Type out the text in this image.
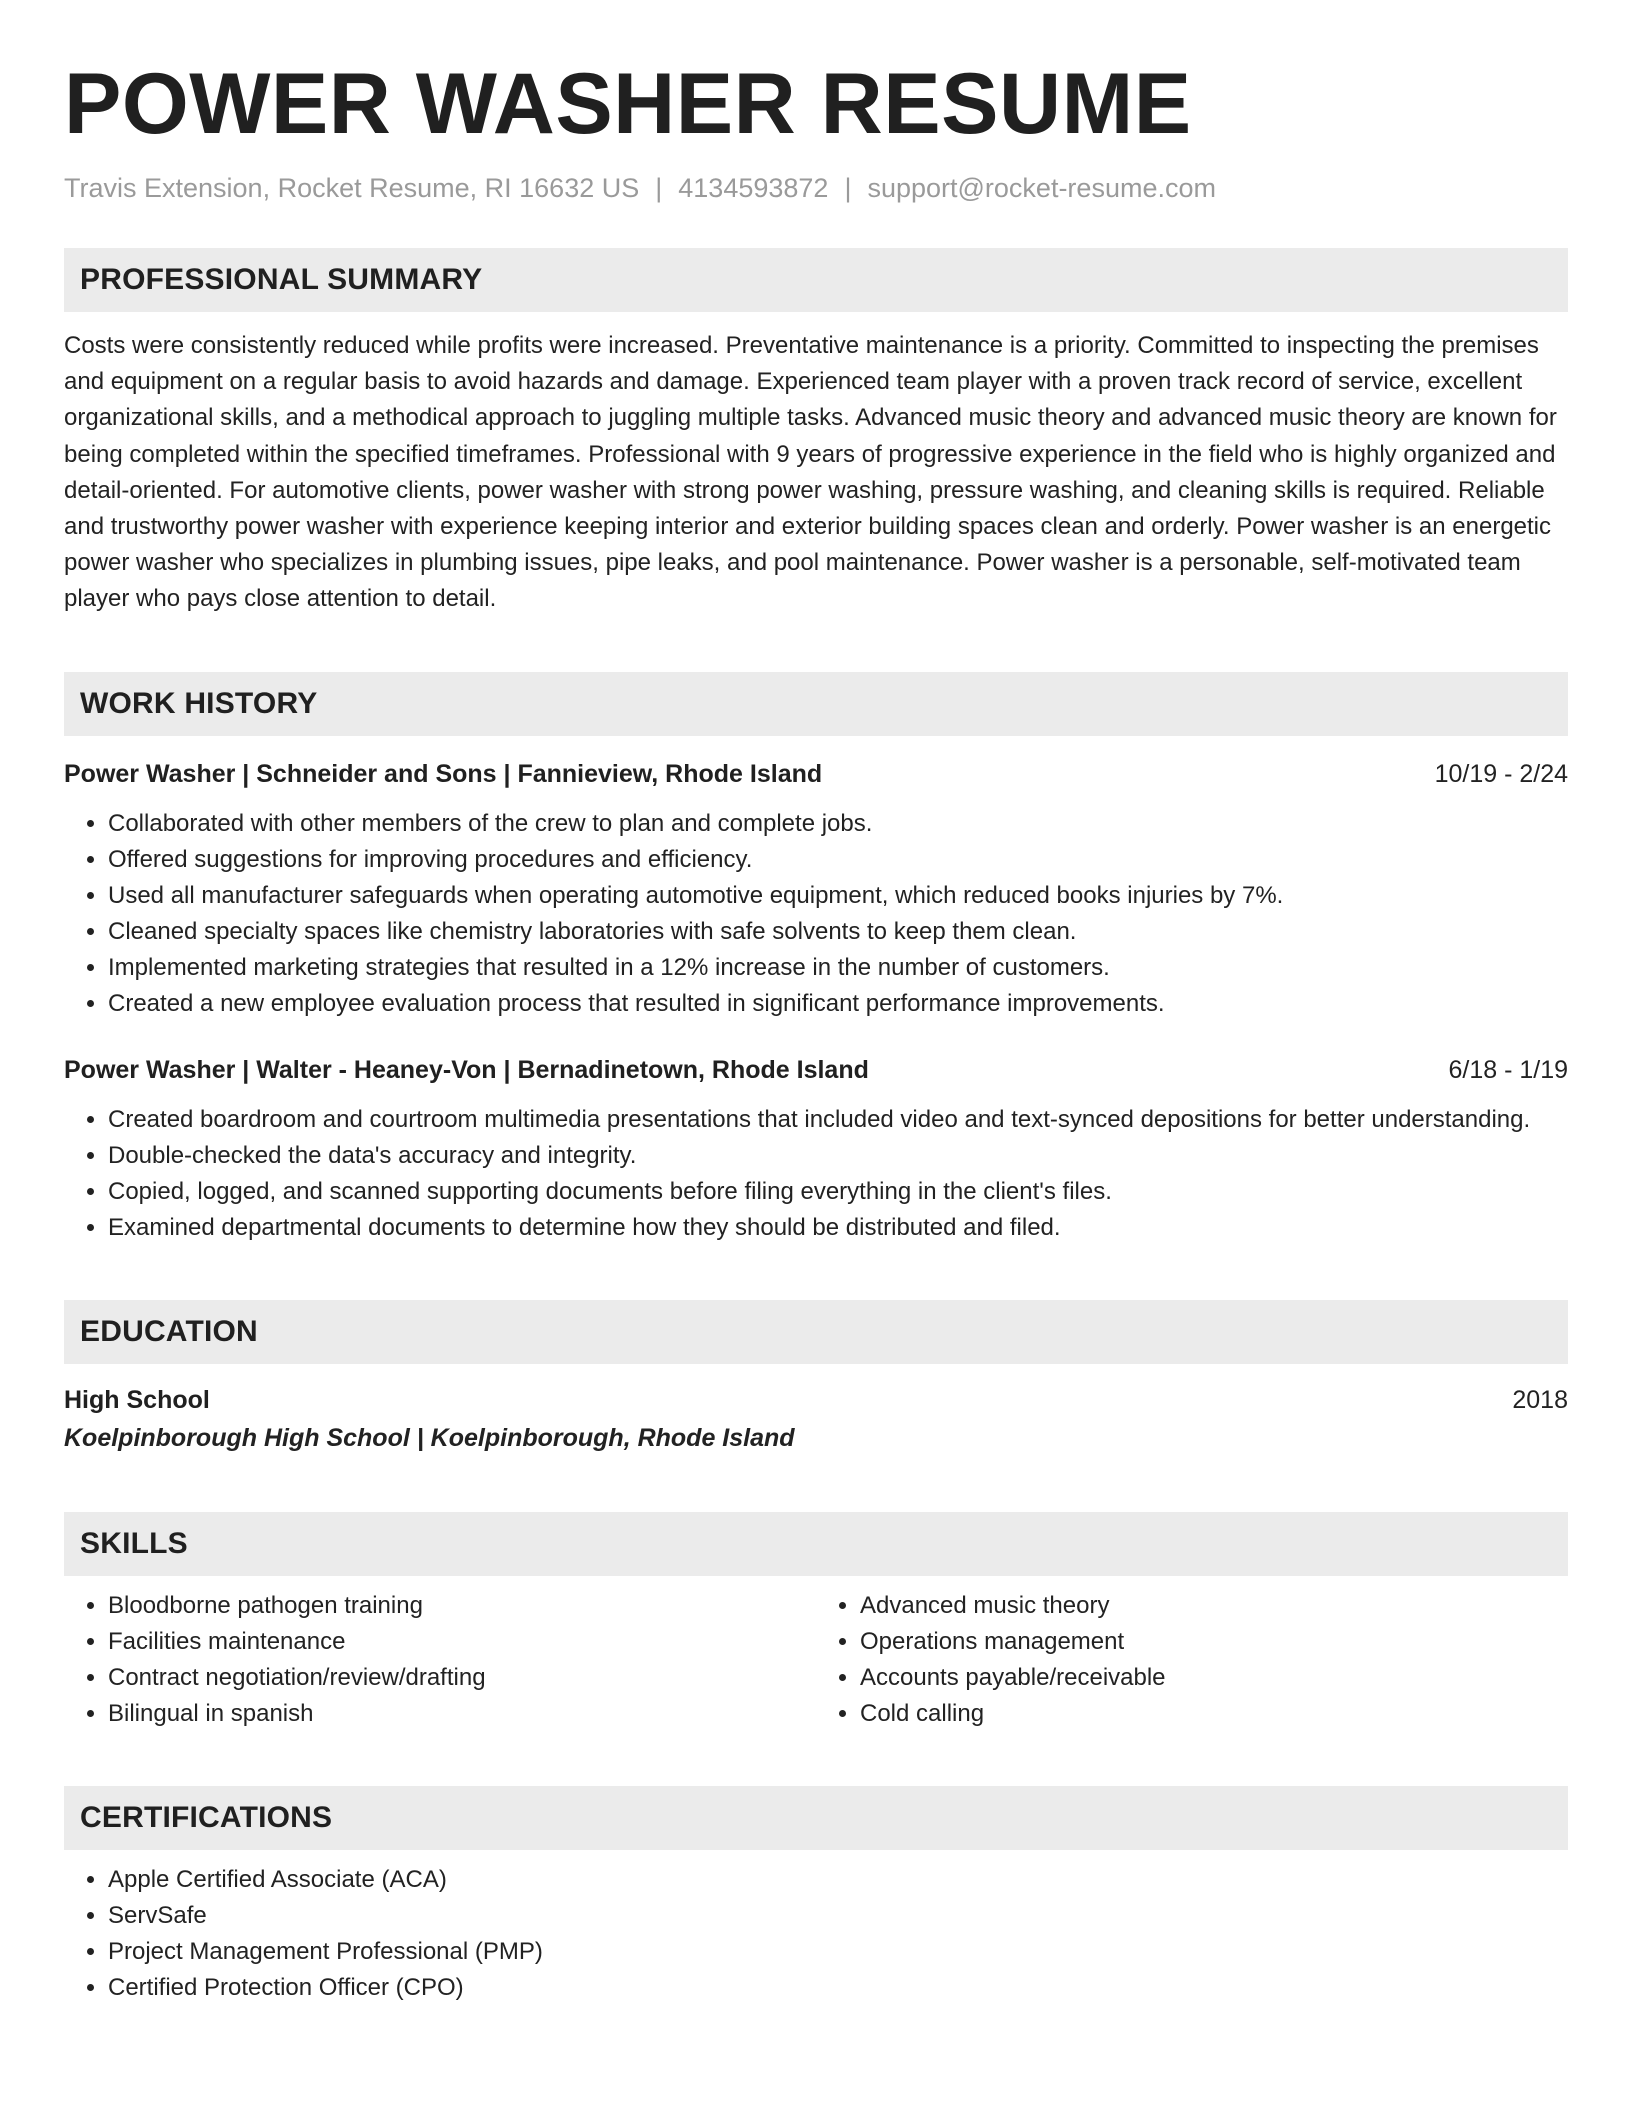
POWER WASHER RESUME
Travis Extension, Rocket Resume, RI 16632 US | 4134593872 | support@rocket-resume.com
PROFESSIONAL SUMMARY
Costs were consistently reduced while profits were increased. Preventative maintenance is a priority. Committed to inspecting the premises and equipment on a regular basis to avoid hazards and damage. Experienced team player with a proven track record of service, excellent organizational skills, and a methodical approach to juggling multiple tasks. Advanced music theory and advanced music theory are known for being completed within the specified timeframes. Professional with 9 years of progressive experience in the field who is highly organized and detail-oriented. For automotive clients, power washer with strong power washing, pressure washing, and cleaning skills is required. Reliable and trustworthy power washer with experience keeping interior and exterior building spaces clean and orderly. Power washer is an energetic power washer who specializes in plumbing issues, pipe leaks, and pool maintenance. Power washer is a personable, self-motivated team player who pays close attention to detail.
WORK HISTORY
Power Washer | Schneider and Sons | Fannieview, Rhode Island	10/19 - 2/24
• Collaborated with other members of the crew to plan and complete jobs.
• Offered suggestions for improving procedures and efficiency.
• Used all manufacturer safeguards when operating automotive equipment, which reduced books injuries by 7%.
• Cleaned specialty spaces like chemistry laboratories with safe solvents to keep them clean.
• Implemented marketing strategies that resulted in a 12% increase in the number of customers.
• Created a new employee evaluation process that resulted in significant performance improvements.
Power Washer | Walter - Heaney-Von | Bernadinetown, Rhode Island	6/18 - 1/19
• Created boardroom and courtroom multimedia presentations that included video and text-synced depositions for better understanding.
• Double-checked the data's accuracy and integrity.
• Copied, logged, and scanned supporting documents before filing everything in the client's files.
• Examined departmental documents to determine how they should be distributed and filed.
EDUCATION
High School	2018
Koelpinborough High School | Koelpinborough, Rhode Island
SKILLS
• Bloodborne pathogen training
• Facilities maintenance
• Contract negotiation/review/drafting
• Bilingual in spanish
• Advanced music theory
• Operations management
• Accounts payable/receivable
• Cold calling
CERTIFICATIONS
• Apple Certified Associate (ACA)
• ServSafe
• Project Management Professional (PMP)
• Certified Protection Officer (CPO)
